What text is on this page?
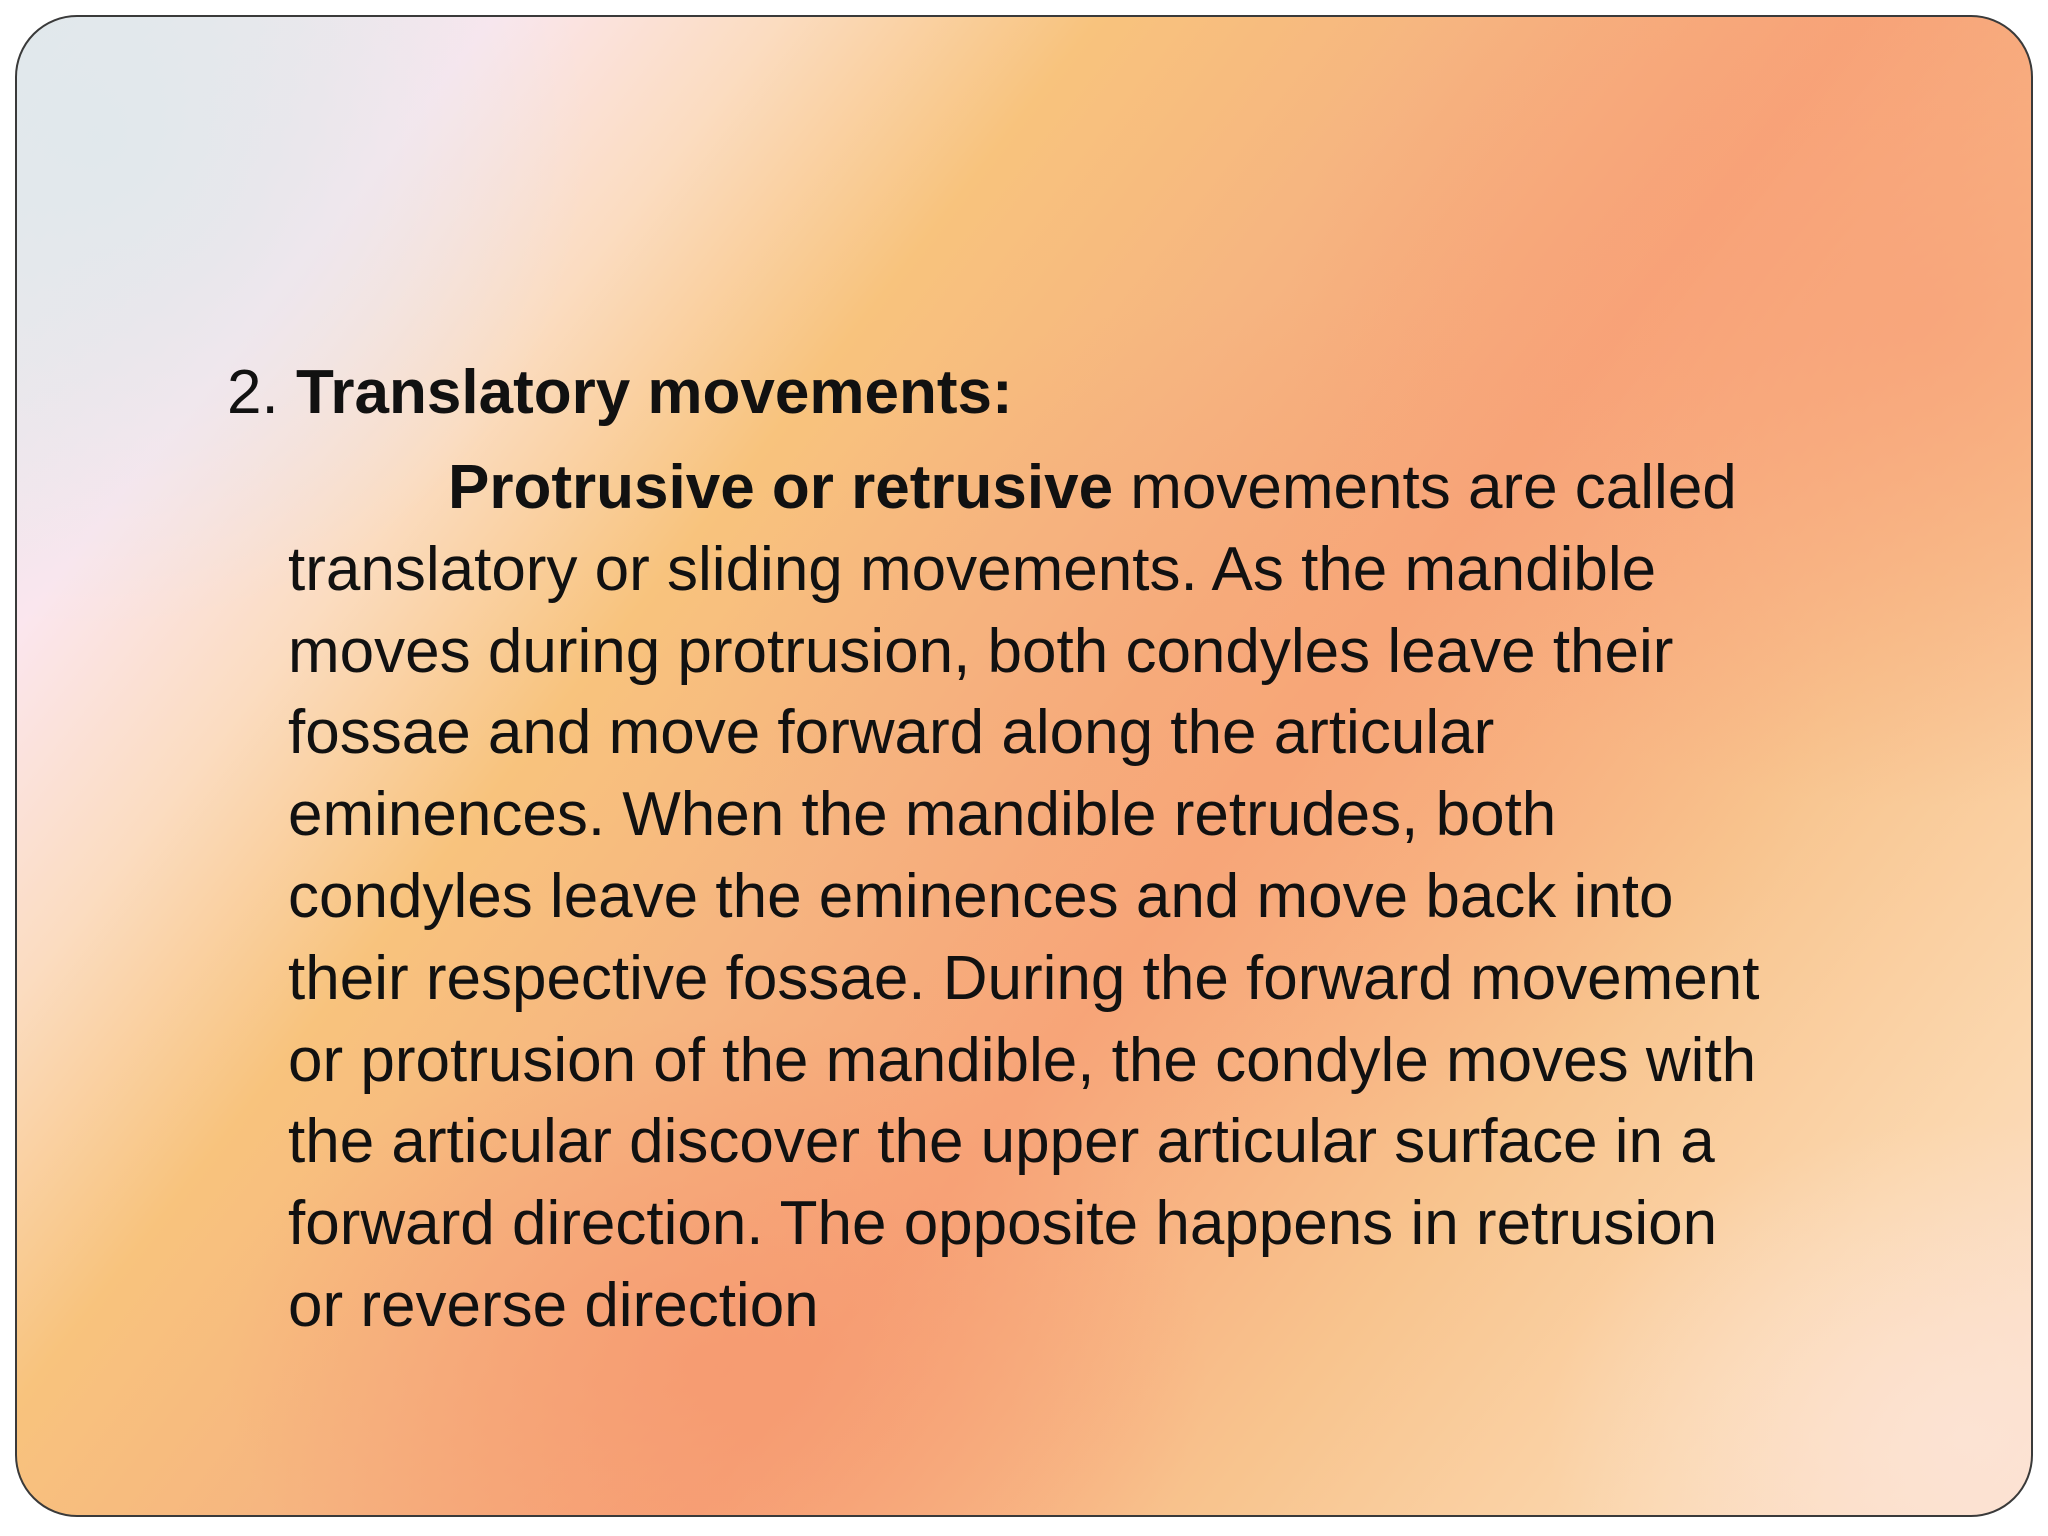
2. Translatory movements:
Protrusive or retrusive movements are called
translatory or sliding movements. As the mandible
moves during protrusion, both condyles leave their
fossae and move forward along the articular
eminences. When the mandible retrudes, both
condyles leave the eminences and move back into
their respective fossae. During the forward movement
or protrusion of the mandible, the condyle moves with
the articular discover the upper articular surface in a
forward direction. The opposite happens in retrusion
or reverse direction
